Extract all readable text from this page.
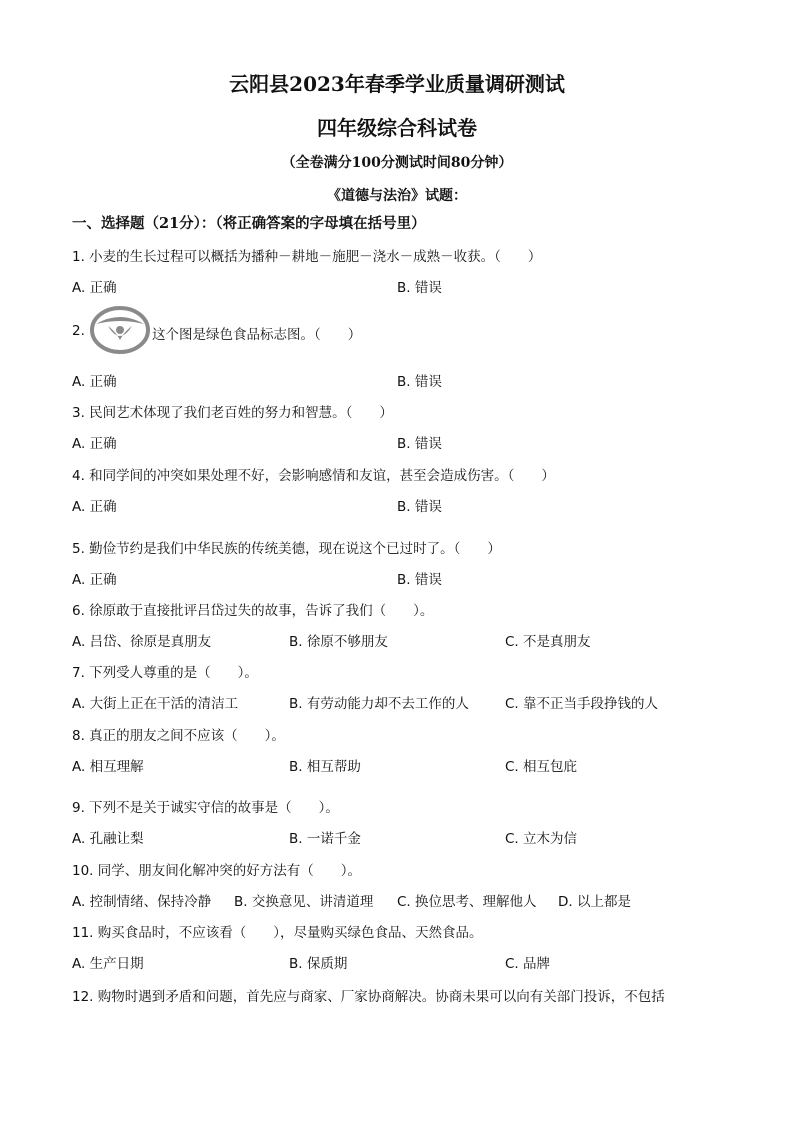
云阳县2023年春季学业质量调研测试
四年级综合科试卷
（全卷满分100分测试时间80分钟）
《道德与法治》试题：
一、选择题（21分）：（将正确答案的字母填在括号里）
1. 小麦的生长过程可以概括为播种－耕地－施肥－浇水－成熟－收获。（　　）
A. 正确	B. 错误
2.	这个图是绿色食品标志图。（　　）
A. 正确	B. 错误
3. 民间艺术体现了我们老百姓的努力和智慧。（　　）
A. 正确	B. 错误
4. 和同学间的冲突如果处理不好，会影响感情和友谊，甚至会造成伤害。（　　）
A. 正确	B. 错误
5. 勤俭节约是我们中华民族的传统美德，现在说这个已过时了。（　　）
A. 正确	B. 错误
6. 徐原敢于直接批评吕岱过失的故事，告诉了我们（　　）。
A. 吕岱、徐原是真朋友	B. 徐原不够朋友	C. 不是真朋友
7. 下列受人尊重的是（　　）。
A. 大街上正在干活的清洁工	B. 有劳动能力却不去工作的人	C. 靠不正当手段挣钱的人
8. 真正的朋友之间不应该（　　）。
A. 相互理解	B. 相互帮助	C. 相互包庇
9. 下列不是关于诚实守信的故事是（　　）。
A. 孔融让梨	B. 一诺千金	C. 立木为信
10. 同学、朋友间化解冲突的好方法有（　　）。
A. 控制情绪、保持冷静 B. 交换意见、讲清道理 C. 换位思考、理解他人 D. 以上都是
11. 购买食品时，不应该看（　　），尽量购买绿色食品、天然食品。
A. 生产日期	B. 保质期	C. 品牌
12. 购物时遇到矛盾和问题，首先应与商家、厂家协商解决。协商未果可以向有关部门投诉，不包括
